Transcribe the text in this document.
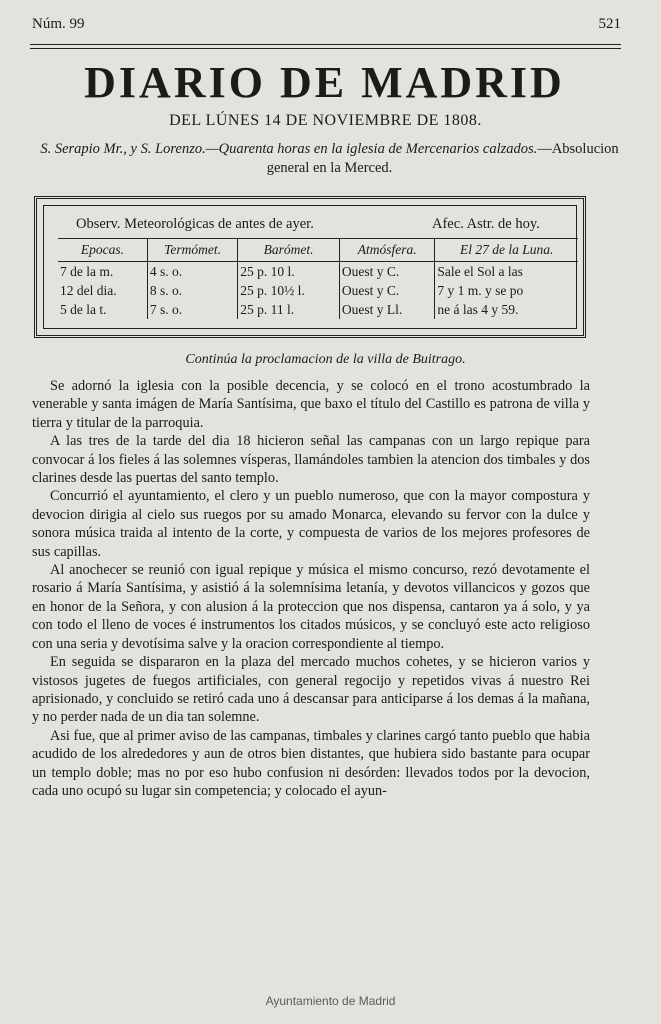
Núm. 99	521
DIARIO DE MADRID
DEL LÚNES 14 DE NOVIEMBRE DE 1808.
S. Serapio Mr., y S. Lorenzo.—Quarenta horas en la iglesia de Mercenarios calzados.—Absolucion general en la Merced.
Observ. Meteorológicas de antes de ayer.	Afec. Astr. de hoy.
Epocas.	Termómet.	Barómet.	Atmósfera.	El 27 de la Luna.
7 de la m.	4 s. o.	25 p. 10 l.	Ouest y C.	Sale el Sol a las
12 del dia.	8 s. o.	25 p. 10½ l.	Ouest y C.	7 y 1 m. y se po
5 de la t.	7 s. o.	25 p. 11 l.	Ouest y Ll.	ne á las 4 y 59.
Continúa la proclamacion de la villa de Buitrago.

Se adornó la iglesia con la posible decencia, y se colocó en el trono acostumbrado la venerable y santa imágen de María Santísima, que baxo el título del Castillo es patrona de villa y tierra y titular de la parroquia.

A las tres de la tarde del dia 18 hicieron señal las campanas con un largo repique para convocar á los fieles á las solemnes vísperas, llamándoles tambien la atencion dos timbales y dos clarines desde las puertas del santo templo.

Concurrió el ayuntamiento, el clero y un pueblo numeroso, que con la mayor compostura y devocion dirigia al cielo sus ruegos por su amado Monarca, elevando su fervor con la dulce y sonora música traida al intento de la corte, y compuesta de varios de los mejores profesores de sus capillas.

Al anochecer se reunió con igual repique y música el mismo concurso, rezó devotamente el rosario á María Santísima, y asistió á la solemnísima letanía, y devotos villancicos y gozos que en honor de la Señora, y con alusion á la proteccion que nos dispensa, cantaron ya á solo, y ya con todo el lleno de voces é instrumentos los citados músicos, y se concluyó este acto religioso con una seria y devotísima salve y la oracion correspondiente al tiempo.

En seguida se dispararon en la plaza del mercado muchos cohetes, y se hicieron varios y vistosos jugetes de fuegos artificiales, con general regocijo y repetidos vivas á nuestro Rei aprisionado, y concluido se retiró cada uno á descansar para anticiparse á los demas á la mañana, y no perder nada de un dia tan solemne.

Asi fue, que al primer aviso de las campanas, timbales y clarines cargó tanto pueblo que habia acudido de los alrededores y aun de otros bien distantes, que hubiera sido bastante para ocupar un templo doble; mas no por eso hubo confusion ni desórden: llevados todos por la devocion, cada uno ocupó su lugar sin competencia; y colocado el ayun-

Ayuntamiento de Madrid
